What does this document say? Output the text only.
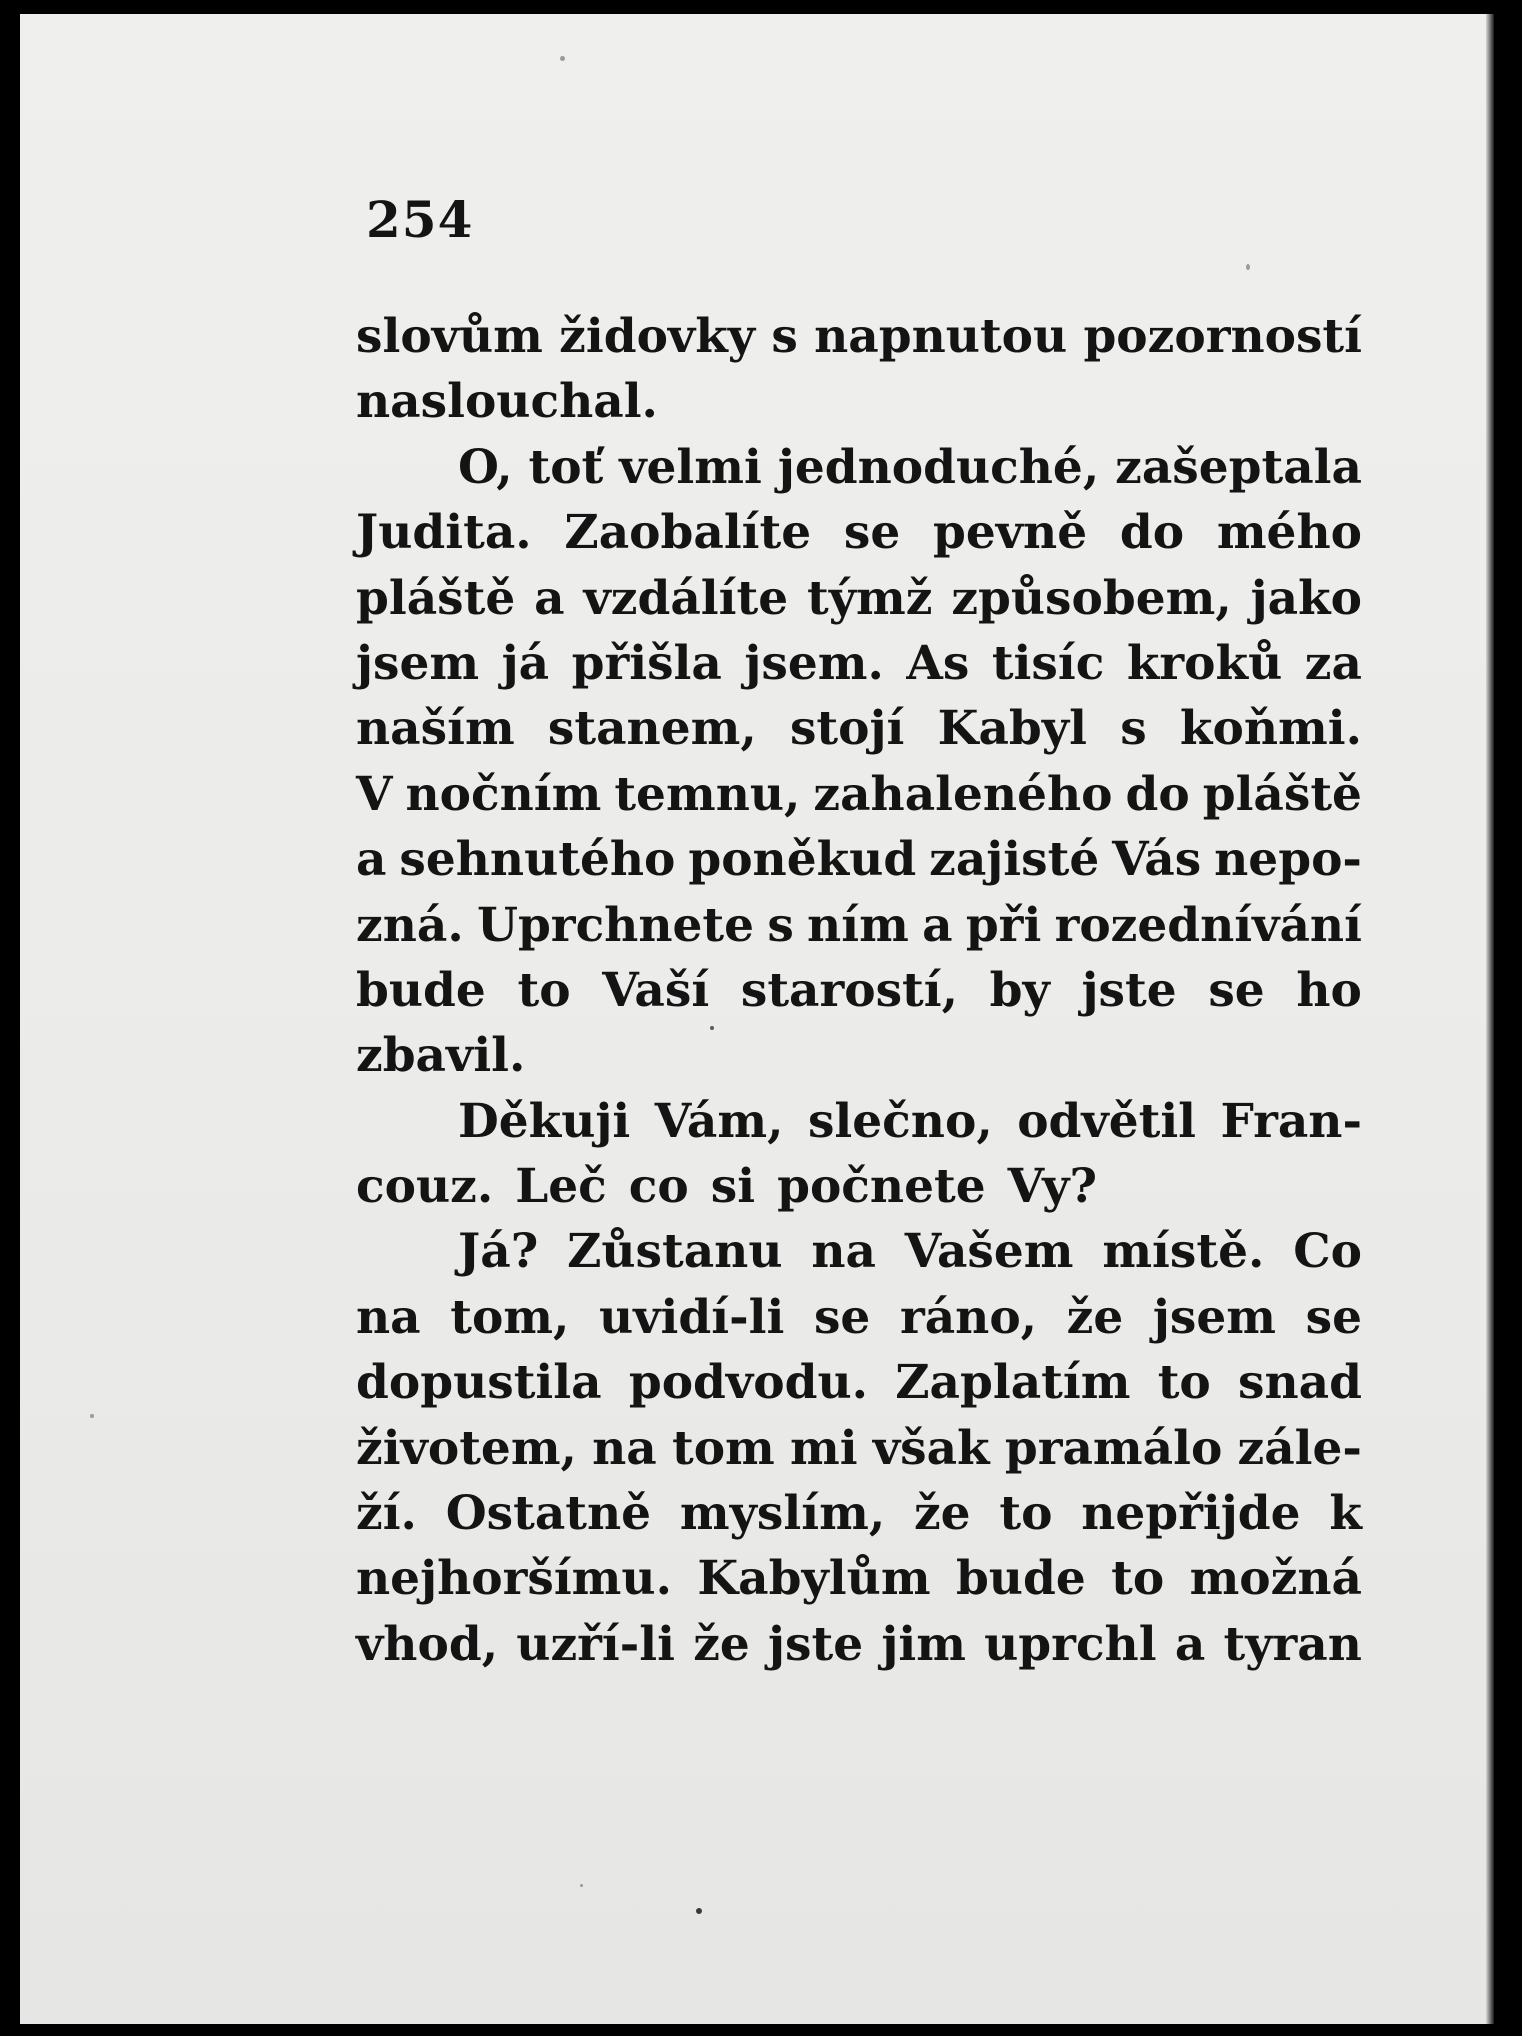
254
slovům židovky s napnutou pozorností
naslouchal.
O, toť velmi jednoduché, zašeptala
Judita. Zaobalíte se pevně do mého
pláště a vzdálíte týmž způsobem, jako
jsem já přišla jsem. As tisíc kroků za
naším stanem, stojí Kabyl s koňmi.
V nočním temnu, zahaleného do pláště
a sehnutého poněkud zajisté Vás nepo-
zná. Uprchnete s ním a při rozednívání
bude to Vaší starostí, by jste se ho
zbavil.
Děkuji Vám, slečno, odvětil Fran-
couz. Leč co si počnete Vy?
Já? Zůstanu na Vašem místě. Co
na tom, uvidí-li se ráno, že jsem se
dopustila podvodu. Zaplatím to snad
životem, na tom mi však pramálo zále-
ží. Ostatně myslím, že to nepřijde k
nejhoršímu. Kabylům bude to možná
vhod, uzří-li že jste jim uprchl a tyran
